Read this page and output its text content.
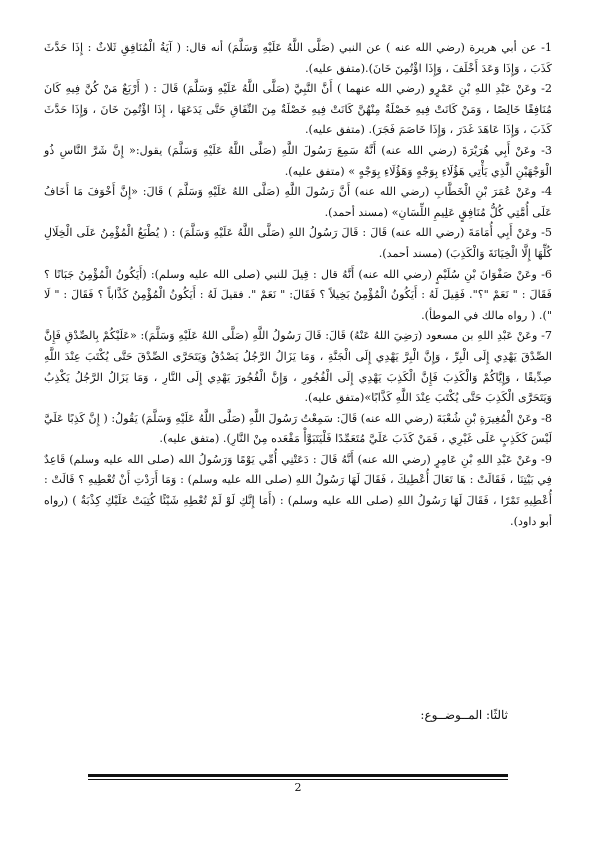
1- عن أبي هريرة (رضي الله عنه ) عن النبي (صَلَّى اللَّهُ عَلَيْهِ وَسَلَّمَ) أنه قال: ( آيَةُ الْمُنَافِقِ ثَلاثٌ : إِذَا حَدَّثَ كَذَبَ ، وَإِذَا وَعَدَ أَخْلَفَ ، وَإِذَا اؤْتُمِنَ خَانَ).(متفق عليه).

2- وعَنْ عَبْدِ اللهِ بْنِ عَمْرٍو (رضي الله عنهما ) أَنَّ النَّبِيَّ (صَلَّى اللَّهُ عَلَيْهِ وَسَلَّمَ) قَالَ : ( أَرْبَعٌ مَنْ كُنَّ فِيهِ كَانَ مُنَافِقًا خَالِصًا ، وَمَنْ كَانَتْ فِيهِ خَصْلَةٌ مِنْهُنَّ كَانَتْ فِيهِ خَصْلَةٌ مِنَ النِّفَاقِ حَتَّى يَدَعَهَا ، إِذَا اؤْتُمِنَ خَانَ ، وَإِذَا حَدَّثَ كَذَبَ ، وَإِذَا عَاهَدَ غَدَرَ ، وَإِذَا خَاصَمَ فَجَرَ). (متفق عليه).

3- وعَنْ أَبِي هُرَيْرَةَ (رضي الله عنه) أَنَّهُ سَمِعَ رَسُولَ اللَّهِ (صَلَّى اللَّهُ عَلَيْهِ وَسَلَّمَ) يقول:« إِنَّ شَرَّ النَّاسِ ذُو الْوَجْهَيْنِ الَّذِي يَأْتِي هَؤُلَاءِ بِوَجْهٍ وَهَؤُلَاءِ بِوَجْهٍ » (متفق عليه).

4- وعَنْ عُمَرَ بْنِ الْخَطَّابِ (رضي الله عنه) أَنَّ رَسُولَ اللَّهِ (صَلَّى اللهُ عَلَيْهِ وَسَلَّمَ ) قَالَ: «إِنَّ أَخْوَفَ مَا أَخَافُ عَلَى أُمَّتِي كُلُّ مُنَافِقٍ عَلِيمِ اللِّسَانِ» (مسند أحمد).

5- وعَنْ أَبِي أُمَامَةَ (رضي الله عنه) قَالَ : قَالَ رَسُولُ اللهِ (صَلَّى اللَّهُ عَلَيْهِ وَسَلَّمَ) : ( يُطْبَعُ الْمُؤْمِنُ عَلَى الْخِلَالِ كُلِّهَا إِلَّا الْخِيَانَةَ وَالْكَذِبَ) (مسند أحمد).

6- وعَنْ صَفْوَانَ بْنِ سُلَيْمٍ (رضي الله عنه) أَنَّهُ قال : قِيلَ للنبي (صلى الله عليه وسلم): (أَيَكُونُ الْمُؤْمِنُ جَبَانًا ؟ فَقَالَ : " نَعَمْ "؟". فَقِيلَ لَهُ : أَيَكُونُ الْمُؤْمِنُ بَخِيلاً ؟ فَقَالَ: " نَعَمْ ". فقيلَ لَهُ : أَيَكُونُ الْمُؤْمِنُ كَذَّاباً ؟ فَقَالَ : " لَا "). ( رواه مالك في الموطأ).

7- وعَنْ عَبْدِ اللهِ بن مسعود (رَضِيَ اللهُ عَنْهُ) قَالَ: قَالَ رَسُولُ اللَّهِ (صَلَّى اللهُ عَلَيْهِ وَسَلَّمَ): «عَلَيْكُمْ بِالصِّدْقِ فَإِنَّ الصِّدْقَ يَهْدِي إِلَى الْبِرِّ ، وَإِنَّ الْبِرَّ يَهْدِي إِلَى الْجَنَّةِ ، وَمَا يَزَالُ الرَّجُلُ يَصْدُقُ وَيَتَحَرَّى الصِّدْقَ حَتَّى يُكْتَبَ عِنْدَ اللَّهِ صِدِّيقًا ، وَإِيَّاكُمْ وَالْكَذِبَ فَإِنَّ الْكَذِبَ يَهْدِي إِلَى الْفُجُورِ ، وَإِنَّ الْفُجُورَ يَهْدِي إِلَى النَّارِ ، وَمَا يَزَالُ الرَّجُلُ يَكْذِبُ وَيَتَحَرَّى الْكَذِبَ حَتَّى يُكْتَبَ عِنْدَ اللَّهِ كَذَّابًا»(متفق عليه).

8- وعَنْ الْمُغِيرَةِ بْنِ شُعْبَةَ (رضي الله عنه) قَالَ: سَمِعْتُ رَسُولَ اللَّهِ (صَلَّى اللَّهُ عَلَيْهِ وَسَلَّمَ) يَقُولُ: ( إِنَّ كَذِبًا عَلَيَّ لَيْسَ كَكَذِبٍ عَلَى غَيْرِي ، فَمَنْ كَذَبَ عَلَيَّ مُتَعَمِّدًا فَلْيَتَبَوَّأْ مَقْعَده مِنْ النَّارِ). (متفق عليه).

9- وعَنْ عَبْدِ اللهِ بْنِ عَامِرٍ (رضي الله عنه) أَنَّهُ قَالَ : دَعَتْنِي أُمِّي يَوْمًا وَرَسُولُ الله (صلى الله عليه وسلم) قَاعِدٌ فِي بَيْتِنَا ، فَقَالَتْ : هَا تَعَالَ أُعْطِيكَ ، فَقَالَ لَهَا رَسُولُ اللهِ (صلى الله عليه وسلم) : وَمَا أَرَدْتِ أَنْ تُعْطِيهِ ؟ قَالَتْ : أُعْطِيهِ تَمْرًا ، فَقَالَ لَهَا رَسُولُ اللهِ (صلى الله عليه وسلم) : (أَمَا إِنَّكِ لَوْ لَمْ تُعْطِهِ شَيْئًا كُتِبَتْ عَلَيْكِ كِذْبَةٌ ) (رواه أبو داود).

ثالثًا: المــوضــوع:
2
